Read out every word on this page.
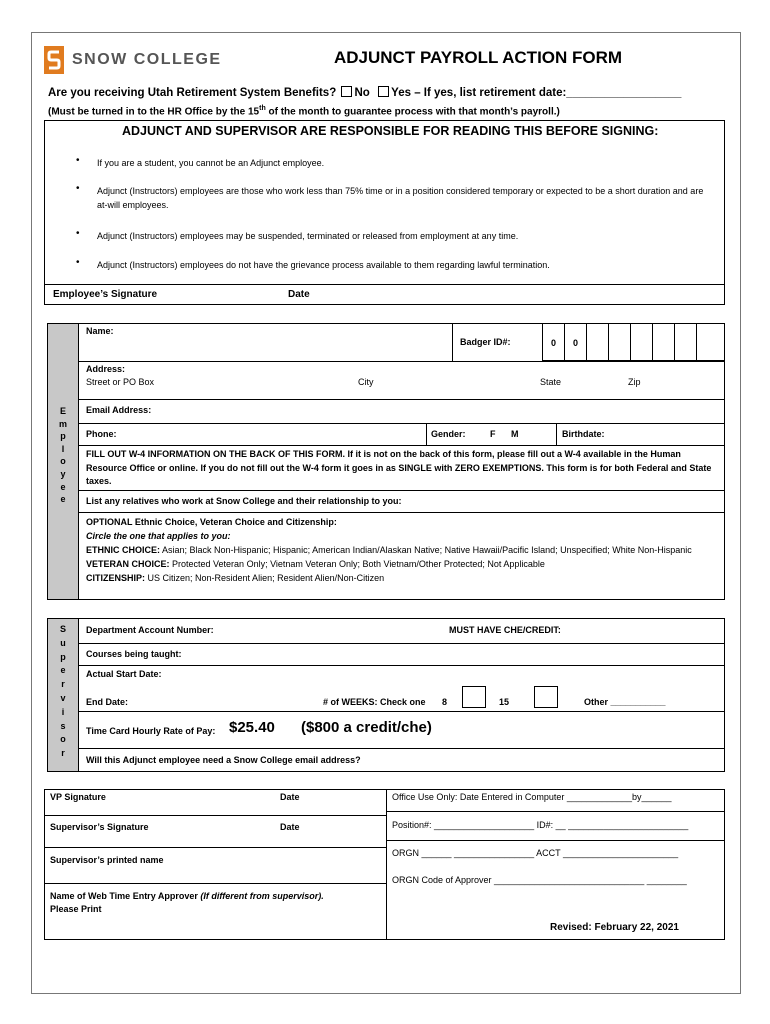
SNOW COLLEGE	ADJUNCT PAYROLL ACTION FORM
Are you receiving Utah Retirement System Benefits? No Yes – If yes, list retirement date:__________________
(Must be turned in to the HR Office by the 15th of the month to guarantee process with that month’s payroll.)
ADJUNCT AND SUPERVISOR ARE RESPONSIBLE FOR READING THIS BEFORE SIGNING:
• If you are a student, you cannot be an Adjunct employee.
• Adjunct (Instructors) employees are those who work less than 75% time or in a position considered temporary or expected to be a short duration and are at-will employees.
• Adjunct (Instructors) employees may be suspended, terminated or released from employment at any time.
• Adjunct (Instructors) employees do not have the grievance process available to them regarding lawful termination.
Employee’s Signature	Date
E
m
p
l
o
y
e
e
Name:
Badger ID#:	0	0
Address:
Street or PO Box	City	State	Zip
Email Address:
Phone:	Gender:	F M	Birthdate:
FILL OUT W-4 INFORMATION ON THE BACK OF THIS FORM. If it is not on the back of this form, please fill out a W-4 available in the Human Resource Office or online. If you do not fill out the W-4 form it goes in as SINGLE with ZERO EXEMPTIONS. This form is for both Federal and State taxes.
List any relatives who work at Snow College and their relationship to you:
OPTIONAL Ethnic Choice, Veteran Choice and Citizenship:
Circle the one that applies to you:
ETHNIC CHOICE: Asian; Black Non-Hispanic; Hispanic; American Indian/Alaskan Native; Native Hawaii/Pacific Island; Unspecified; White Non-Hispanic
VETERAN CHOICE: Protected Veteran Only; Vietnam Veteran Only; Both Vietnam/Other Protected; Not Applicable
CITIZENSHIP: US Citizen; Non-Resident Alien; Resident Alien/Non-Citizen
S
u
p
e
r
v
i
s
o
r
Department Account Number:	MUST HAVE CHE/CREDIT:
Courses being taught:
Actual Start Date:
End Date:	# of WEEKS: Check one 8	15	Other ___________
Time Card Hourly Rate of Pay: $25.40 ($800 a credit/che)
Will this Adjunct employee need a Snow College email address?
VP Signature	Date
Supervisor’s Signature	Date
Supervisor’s printed name
Name of Web Time Entry Approver (If different from supervisor).
Please Print
Office Use Only: Date Entered in Computer _____________by______
Position#: ____________________ ID#: __ ________________________
ORGN ______ ________________ ACCT _______________________
ORGN Code of Approver ______________________________ ________
Revised: February 22, 2021
